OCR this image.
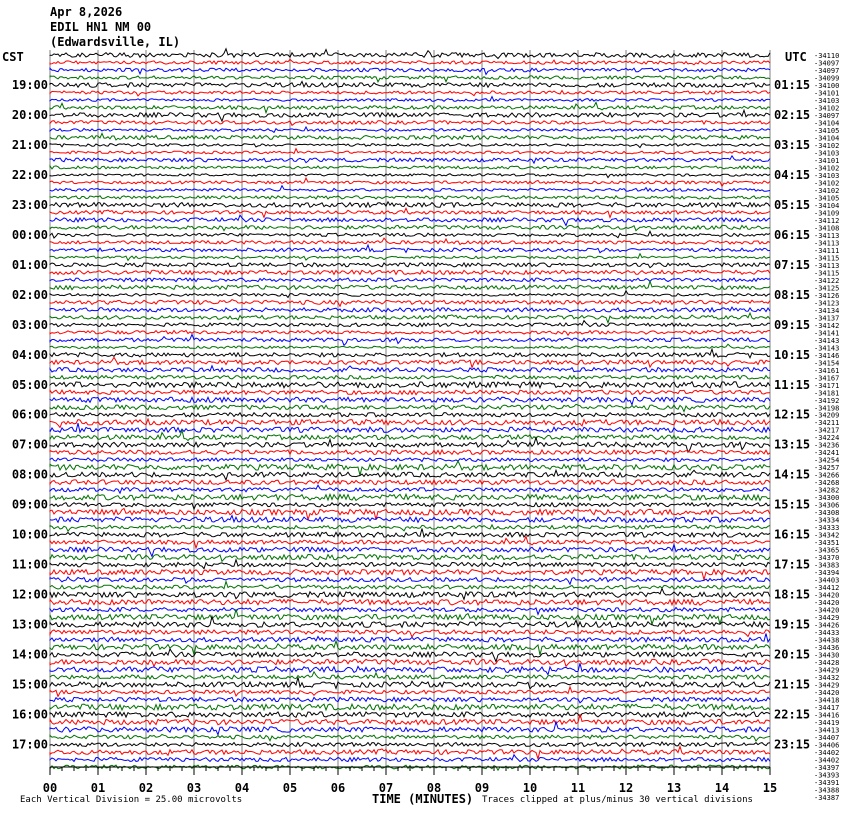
Apr 8,2026
EDIL HN1 NM 00
(Edwardsville, IL)
CST	UTC
19:00
20:00
21:00
22:00
23:00
00:00
01:00
02:00
03:00
04:00
05:00
06:00
07:00
08:00
09:00
10:00
11:00
12:00
13:00
14:00
15:00
16:00
17:00
01:15
02:15
03:15
04:15
05:15
06:15
07:15
08:15
09:15
10:15
11:15
12:15
13:15
14:15
15:15
16:15
17:15
18:15
19:15
20:15
21:15
22:15
23:15
-34110
-34097
-34097
-34099
-34100
-34101
-34103
-34102
-34097
-34104
-34105
-34104
-34102
-34103
-34101
-34102
-34103
-34102
-34102
-34105
-34104
-34109
-34112
-34108
-34113
-34113
-34111
-34115
-34113
-34115
-34122
-34125
-34126
-34123
-34134
-34137
-34142
-34141
-34143
-34143
-34146
-34154
-34161
-34167
-34171
-34181
-34192
-34198
-34209
-34211
-34217
-34224
-34236
-34241
-34254
-34257
-34266
-34268
-34282
-34300
-34306
-34308
-34334
-34333
-34342
-34351
-34365
-34370
-34383
-34394
-34403
-34412
-34420
-34420
-34420
-34429
-34426
-34433
-34438
-34436
-34430
-34428
-34429
-34432
-34429
-34420
-34418
-34417
-34416
-34419
-34413
-34407
-34406
-34402
-34402
-34397
-34393
-34391
-34388
-34387
00	01	02	03	04	05	06	07	08	09	10	11	12	13	14	15
TIME (MINUTES)
Each Vertical Division = 25.00 microvolts	Traces clipped at plus/minus 30 vertical divisions
